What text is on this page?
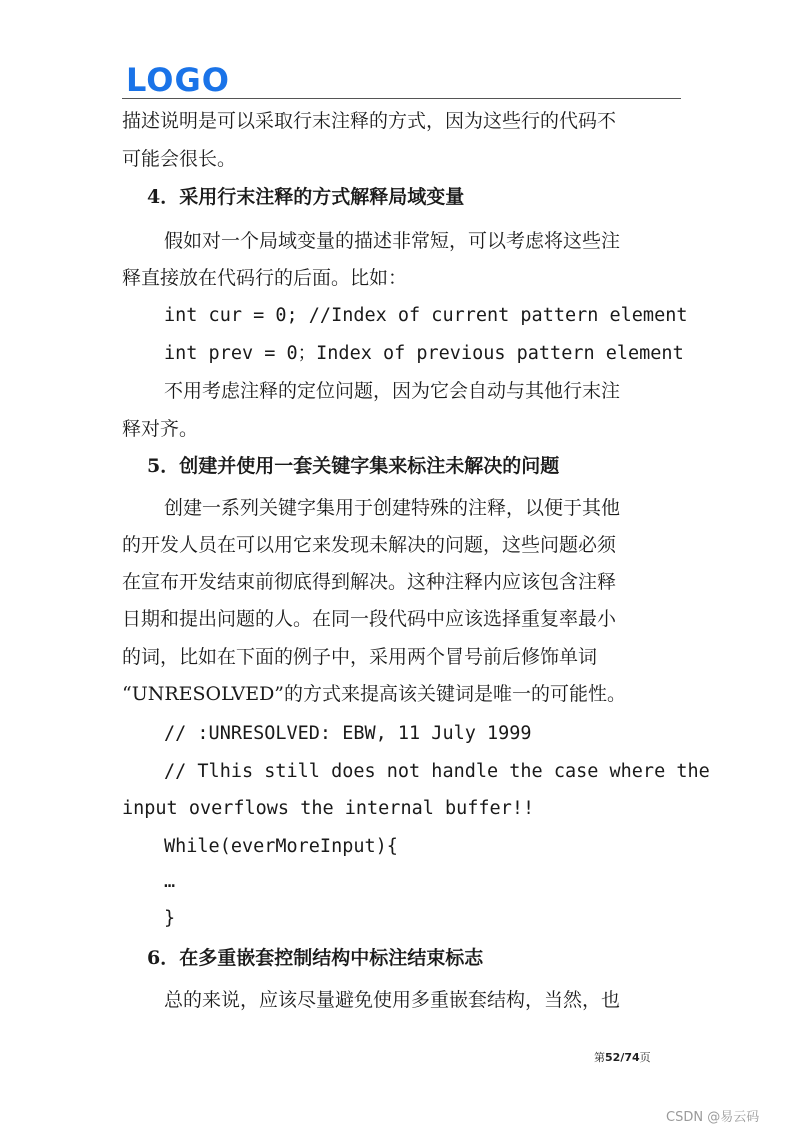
LOGO
描述说明是可以采取行末注释的方式，因为这些行的代码不
可能会很长。
4．采用行末注释的方式解释局域变量
假如对一个局域变量的描述非常短，可以考虑将这些注
释直接放在代码行的后面。比如：
int cur = 0; //Index of current pattern element
int prev = 0；Index of previous pattern element
不用考虑注释的定位问题，因为它会自动与其他行末注
释对齐。
5．创建并使用一套关键字集来标注未解决的问题
创建一系列关键字集用于创建特殊的注释，以便于其他
的开发人员在可以用它来发现未解决的问题，这些问题必须
在宣布开发结束前彻底得到解决。这种注释内应该包含注释
日期和提出问题的人。在同一段代码中应该选择重复率最小
的词，比如在下面的例子中，采用两个冒号前后修饰单词
“UNRESOLVED”的方式来提高该关键词是唯一的可能性。
// :UNRESOLVED: EBW, 11 July 1999
// Tlhis still does not handle the case where the
input overflows the internal buffer!!
While(everMoreInput){
…
}
6．在多重嵌套控制结构中标注结束标志
总的来说，应该尽量避免使用多重嵌套结构，当然，也
第52/74页
CSDN @易云码
